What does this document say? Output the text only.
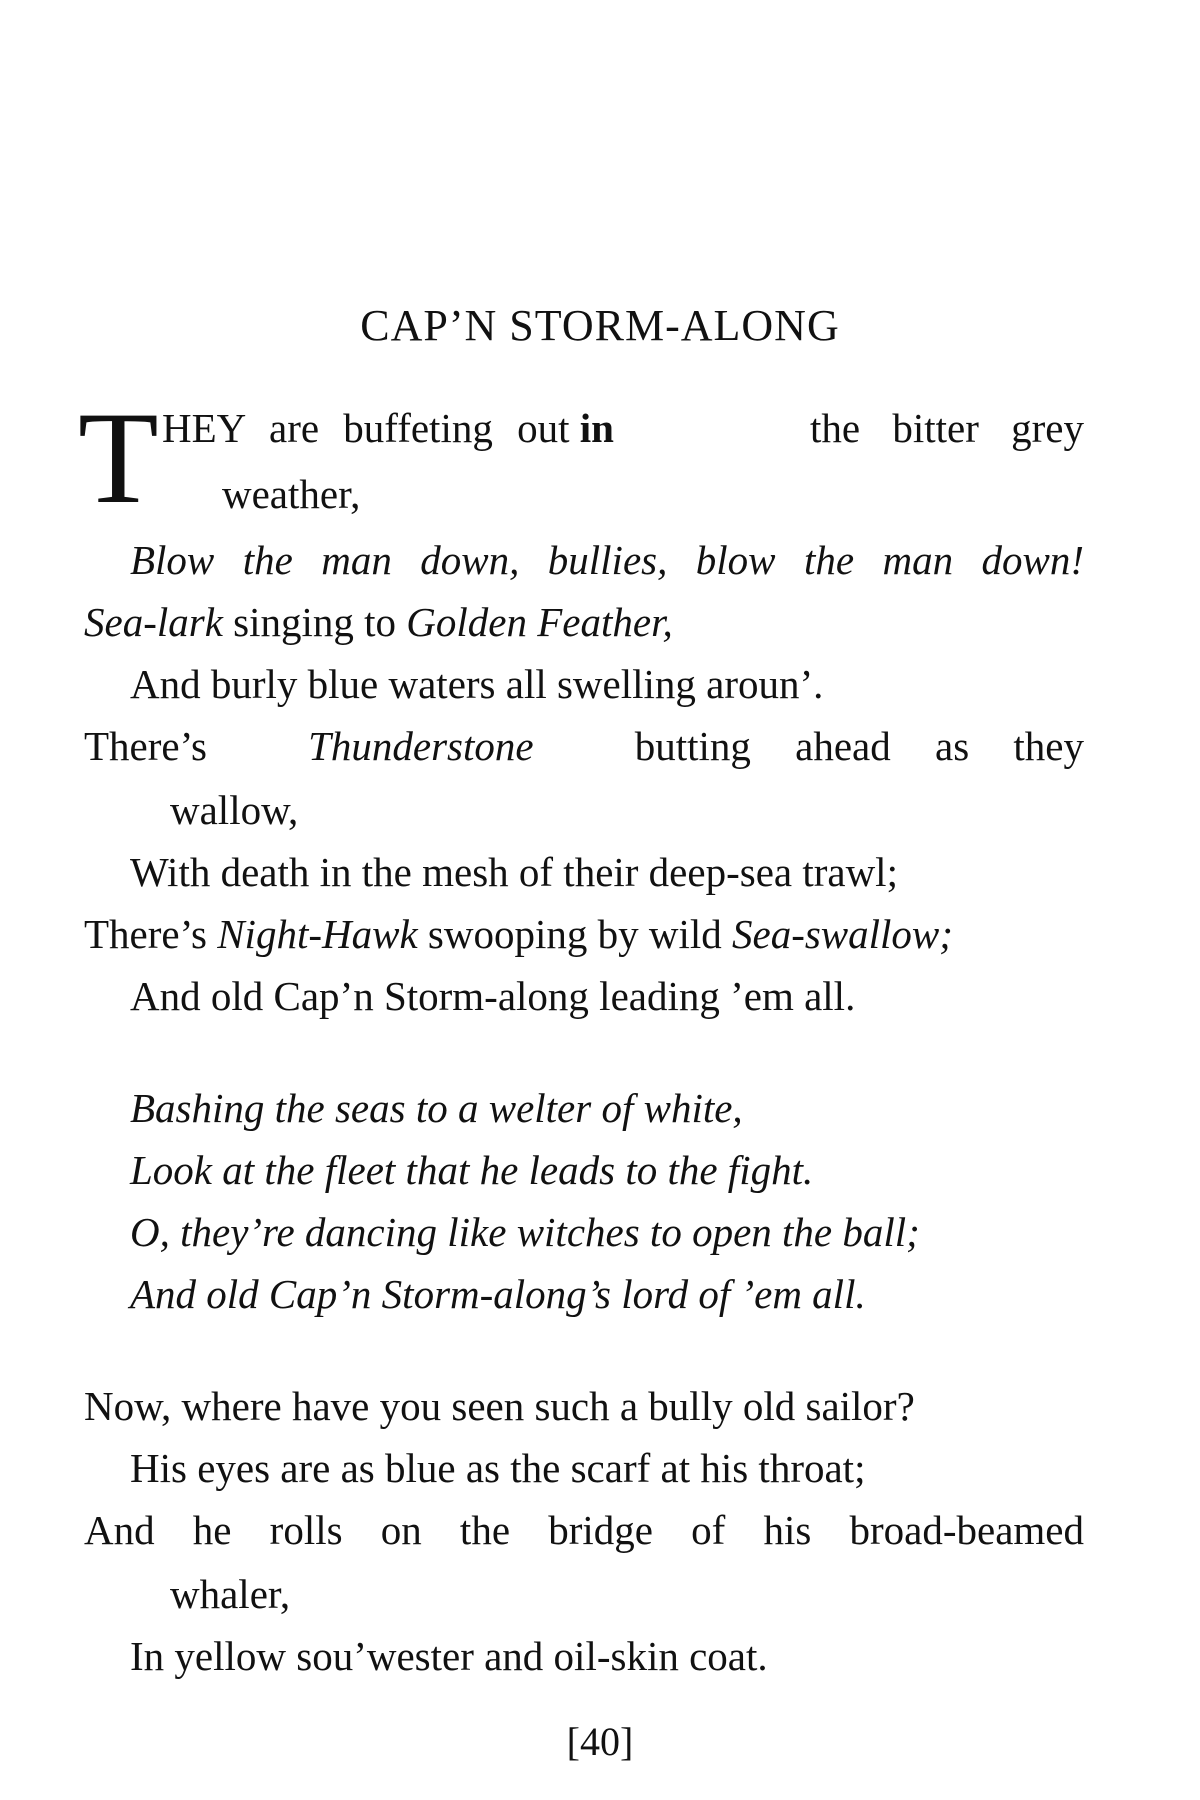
CAP’N STORM-ALONG
T HEY are buffeting out in	the bitter grey
weather,
Blow the man down, bullies, blow the man down!
Sea-lark singing to Golden Feather,
And burly blue waters all swelling aroun’.
There’s Thunderstone butting ahead as they
wallow,
With death in the mesh of their deep-sea trawl;
There’s Night-Hawk swooping by wild Sea-swallow;
And old Cap’n Storm-along leading ’em all.
Bashing the seas to a welter of white,
Look at the fleet that he leads to the fight.
O, they’re dancing like witches to open the ball;
And old Cap’n Storm-along’s lord of ’em all.
Now, where have you seen such a bully old sailor?
His eyes are as blue as the scarf at his throat;
And he rolls on the bridge of his broad-beamed
whaler,
In yellow sou’wester and oil-skin coat.
[40]
